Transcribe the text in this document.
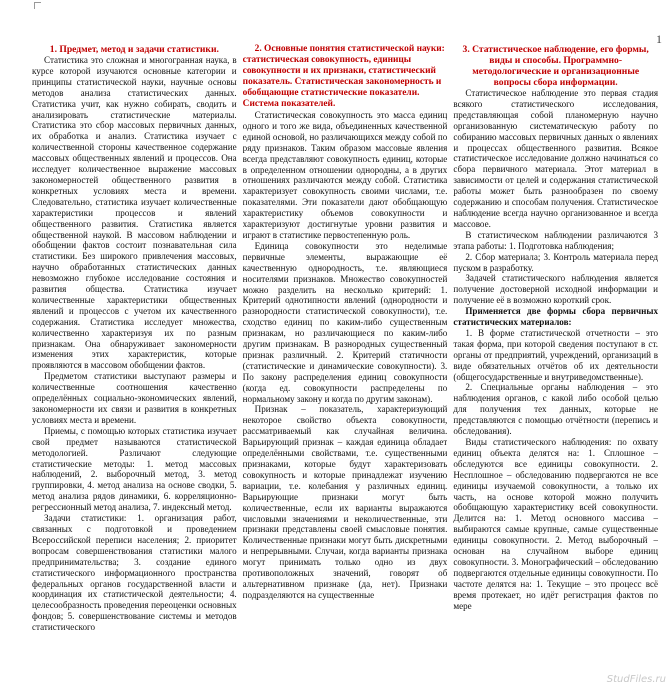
1

1. Предмет, метод и задачи статистики.

Статистика это сложная и многогранная наука, в курсе которой изучаются основные категории и принципы статистической науки, научные основы методов анализа статистических данных. Статистика учит, как нужно собирать, сводить и анализировать статистические материалы. Статистика это сбор массовых первичных данных, их обработка и анализ. Статистика изучает с количественной стороны качественное содержание массовых общественных явлений и процессов. Она исследует количественное выражение массовых закономерностей общественного развития в конкретных условиях места и времени. Следовательно, статистика изучает количественные характеристики процессов и явлений общественного развития. Статистика является общественной наукой. В массовом наблюдении и обобщении фактов состоит познавательная сила статистики. Без широкого привлечения массовых, научно обработанных статистических данных невозможно глубокое исследование состояния и развития общества. Статистика изучает количественные характеристики общественных явлений и процессов с учетом их качественного содержания. Статистика исследует множества, количественно характеризуя их по разным признакам. Она обнаруживает закономерности изменения этих характеристик, которые проявляются в массовом обобщении фактов.

Предметом статистики выступают размеры и количественные соотношения качественно определённых социально-экономических явлений, закономерности их связи и развития в конкретных условиях места и времени.

Приемы, с помощью которых статистика изучает свой предмет называются статистической методологией. Различают следующие статистические методы: 1. метод массовых наблюдений, 2. выборочный метод, 3. метод группировки, 4. метод анализа на основе сводки, 5. метод анализа рядов динамики, 6. корреляционно-регрессионный метод анализа, 7. индексный метод.

Задачи статистики: 1. организация работ, связанных с подготовкой и проведением Всероссийской переписи населения; 2. приоритет вопросам совершенствования статистики малого предпринимательства; 3. создание единого статистического информационного пространства федеральных органов государственной власти и координация их статистической деятельности; 4. целесообразность проведения переоценки основных фондов; 5. совершенствование системы и методов статистического

2. Основные понятия статистической науки: статистическая совокупность, единицы совокупности и их признаки, статистический показатель. Статистическая закономерность и обобщающие статистические показатели. Система показателей.

Статистическая совокупность это масса единиц одного и того же вида, объединенных качественной единой основой, но различающихся между собой по ряду признаков. Таким образом массовые явления всегда представляют совокупность единиц, которые в определенном отношении однородны, а в других отношениях различаются между собой. Статистика характеризует совокупность своими числами, т.е. показателями. Эти показатели дают обобщающую характеристику объемов совокупности и характеризуют достигнутые уровни развития и играют в статистике первостепенную роль.

Единица совокупности это неделимые первичные элементы, выражающие её качественную однородность, т.е. являющиеся носителями признаков. Множество совокупностей можно разделить на несколько критерий: 1. Критерий однотипности явлений (однородности и разнородности статистической совокупности), т.е. сходство единиц по каким-либо существенным признакам, но различающиеся по каким-либо другим признакам. В разнородных существенный признак различный. 2. Критерий статичности (статистические и динамические совокупности). 3. По закону распределения единиц совокупности (когда ед. совокупности распределены по нормальному закону и когда по другим законам).

Признак – показатель, характеризующий некоторое свойство объекта совокупности, рассматриваемый как случайная величина. Варьирующий признак – каждая единица обладает определёнными свойствами, т.е. существенными признаками, которые будут характеризовать совокупность и которые принадлежат изучению вариации, т.е. колебания у различных единиц. Варьирующие признаки могут быть количественные, если их варианты выражаются числовыми значениями и неколичественные, эти признаки представлены своей смысловые понятия. Количественные признаки могут быть дискретными и непрерывными. Случаи, когда варианты признака могут принимать только одно из двух противоположных значений, говорят об альтернативном признаке (да, нет). Признаки подразделяются на существенные

3. Статистическое наблюдение, его формы, виды и способы. Программно-методологические и организационные вопросы сбора информации.

Статистическое наблюдение это первая стадия всякого статистического исследования, представляющая собой планомерную научно организованную систематическую работу по собиранию массовых первичных данных о явлениях и процессах общественного развития. Всякое статистическое исследование должно начинаться со сбора первичного материала. Этот материал в зависимости от целей и содержания статистической работы может быть разнообразен по своему содержанию и способам получения. Статистическое наблюдение всегда научно организованное и всегда массовое.

В статистическом наблюдении различаются 3 этапа работы: 1. Подготовка наблюдения;

2. Сбор материала; 3. Контроль материала перед пуском в разработку.

Задачей статистического наблюдения является получение достоверной исходной информации и получение её в возможно короткий срок.

Применяется две формы сбора первичных статистических материалов:

1. В форме статистической отчетности – это такая форма, при которой сведения поступают в ст. органы от предприятий, учреждений, организаций в виде обязательных отчётов об их деятельности (общегосударственные и внутриведомственные).

2. Специальные органы наблюдения – это наблюдения органов, с какой либо особой целью для получения тех данных, которые не представляются с помощью отчётности (перепись и обследования).

Виды статистического наблюдения: по охвату единиц объекта делятся на: 1. Сплошное – обследуются все единицы совокупности. 2. Несплошное – обследованию подвергаются не все единицы изучаемой совокупности, а только их часть, на основе которой можно получить обобщающую характеристику всей совокупности. Делится на: 1. Метод основного массива – выбираются самые крупные, самые существенные единицы совокупности. 2. Метод выборочный – основан на случайном выборе единиц совокупности. 3. Монографический – обследованию подвергаются отдельные единицы совокупности. По частоте делятся на: 1. Текущие – это процесс всё время протекает, но идёт регистрация фактов по мере

StudFiles.ru
